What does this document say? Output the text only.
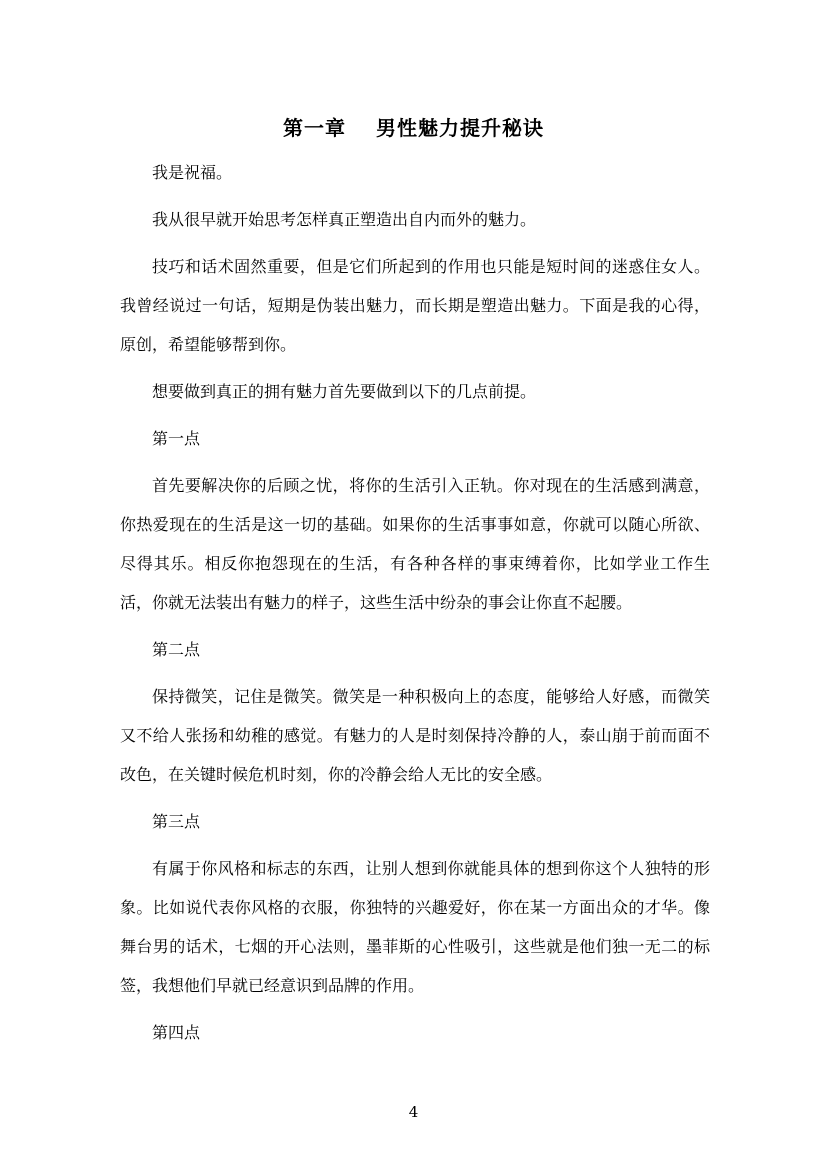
第一章 男性魅力提升秘诀

我是祝福。

我从很早就开始思考怎样真正塑造出自内而外的魅力。

技巧和话术固然重要，但是它们所起到的作用也只能是短时间的迷惑住女人。我曾经说过一句话，短期是伪装出魅力，而长期是塑造出魅力。下面是我的心得，原创，希望能够帮到你。

想要做到真正的拥有魅力首先要做到以下的几点前提。

第一点

首先要解决你的后顾之忧，将你的生活引入正轨。你对现在的生活感到满意，你热爱现在的生活是这一切的基础。如果你的生活事事如意，你就可以随心所欲、尽得其乐。相反你抱怨现在的生活，有各种各样的事束缚着你，比如学业工作生活，你就无法装出有魅力的样子，这些生活中纷杂的事会让你直不起腰。

第二点

保持微笑，记住是微笑。微笑是一种积极向上的态度，能够给人好感，而微笑又不给人张扬和幼稚的感觉。有魅力的人是时刻保持冷静的人，泰山崩于前而面不改色，在关键时候危机时刻，你的冷静会给人无比的安全感。

第三点

有属于你风格和标志的东西，让别人想到你就能具体的想到你这个人独特的形象。比如说代表你风格的衣服，你独特的兴趣爱好，你在某一方面出众的才华。像舞台男的话术，七烟的开心法则，墨菲斯的心性吸引，这些就是他们独一无二的标签，我想他们早就已经意识到品牌的作用。

第四点

4
